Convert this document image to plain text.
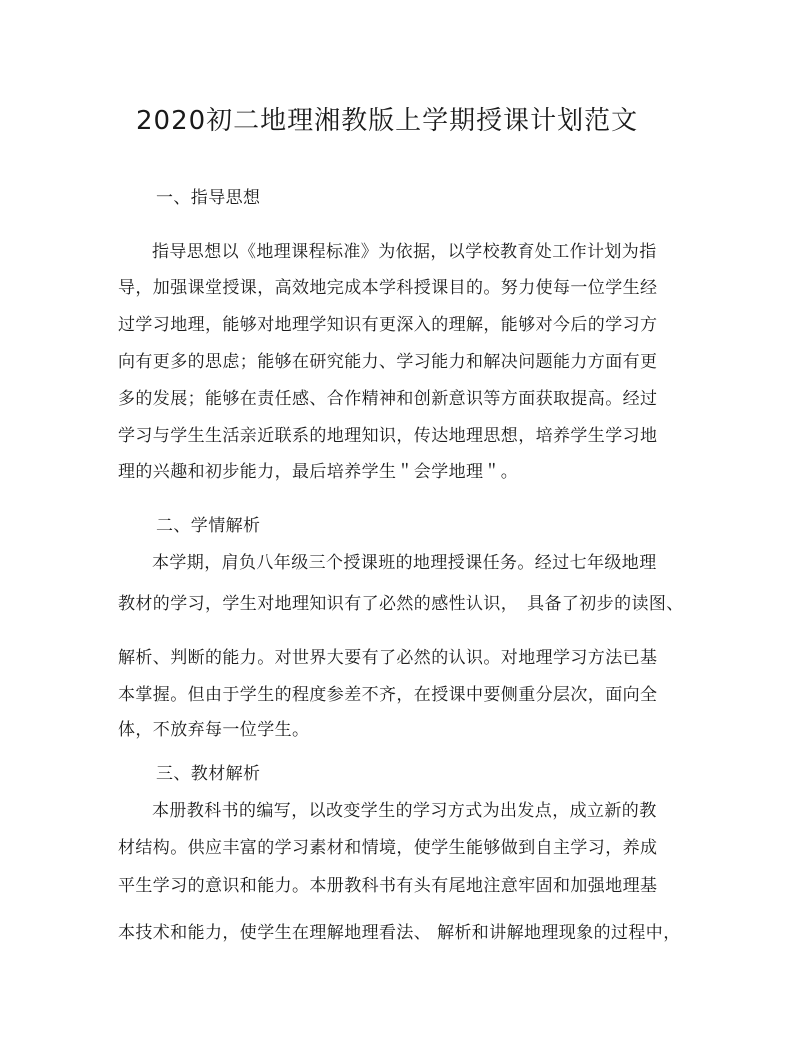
2020初二地理湘教版上学期授课计划范文
一、指导思想
指导思想以《地理课程标准》为依据，以学校教育处工作计划为指
导，加强课堂授课，高效地完成本学科授课目的。努力使每一位学生经
过学习地理，能够对地理学知识有更深入的理解，能够对今后的学习方
向有更多的思虑；能够在研究能力、学习能力和解决问题能力方面有更
多的发展；能够在责任感、合作精神和创新意识等方面获取提高。经过
学习与学生生活亲近联系的地理知识，传达地理思想，培养学生学习地
理的兴趣和初步能力，最后培养学生＂会学地理＂。
二、学情解析
本学期，肩负八年级三个授课班的地理授课任务。经过七年级地理
教材的学习，学生对地理知识有了必然的感性认识，　具备了初步的读图、
解析、判断的能力。对世界大要有了必然的认识。对地理学习方法已基
本掌握。但由于学生的程度参差不齐，在授课中要侧重分层次，面向全
体，不放弃每一位学生。
三、教材解析
本册教科书的编写，以改变学生的学习方式为出发点，成立新的教
材结构。供应丰富的学习素材和情境，使学生能够做到自主学习，养成
平生学习的意识和能力。本册教科书有头有尾地注意牢固和加强地理基
本技术和能力，使学生在理解地理看法、 解析和讲解地理现象的过程中，
